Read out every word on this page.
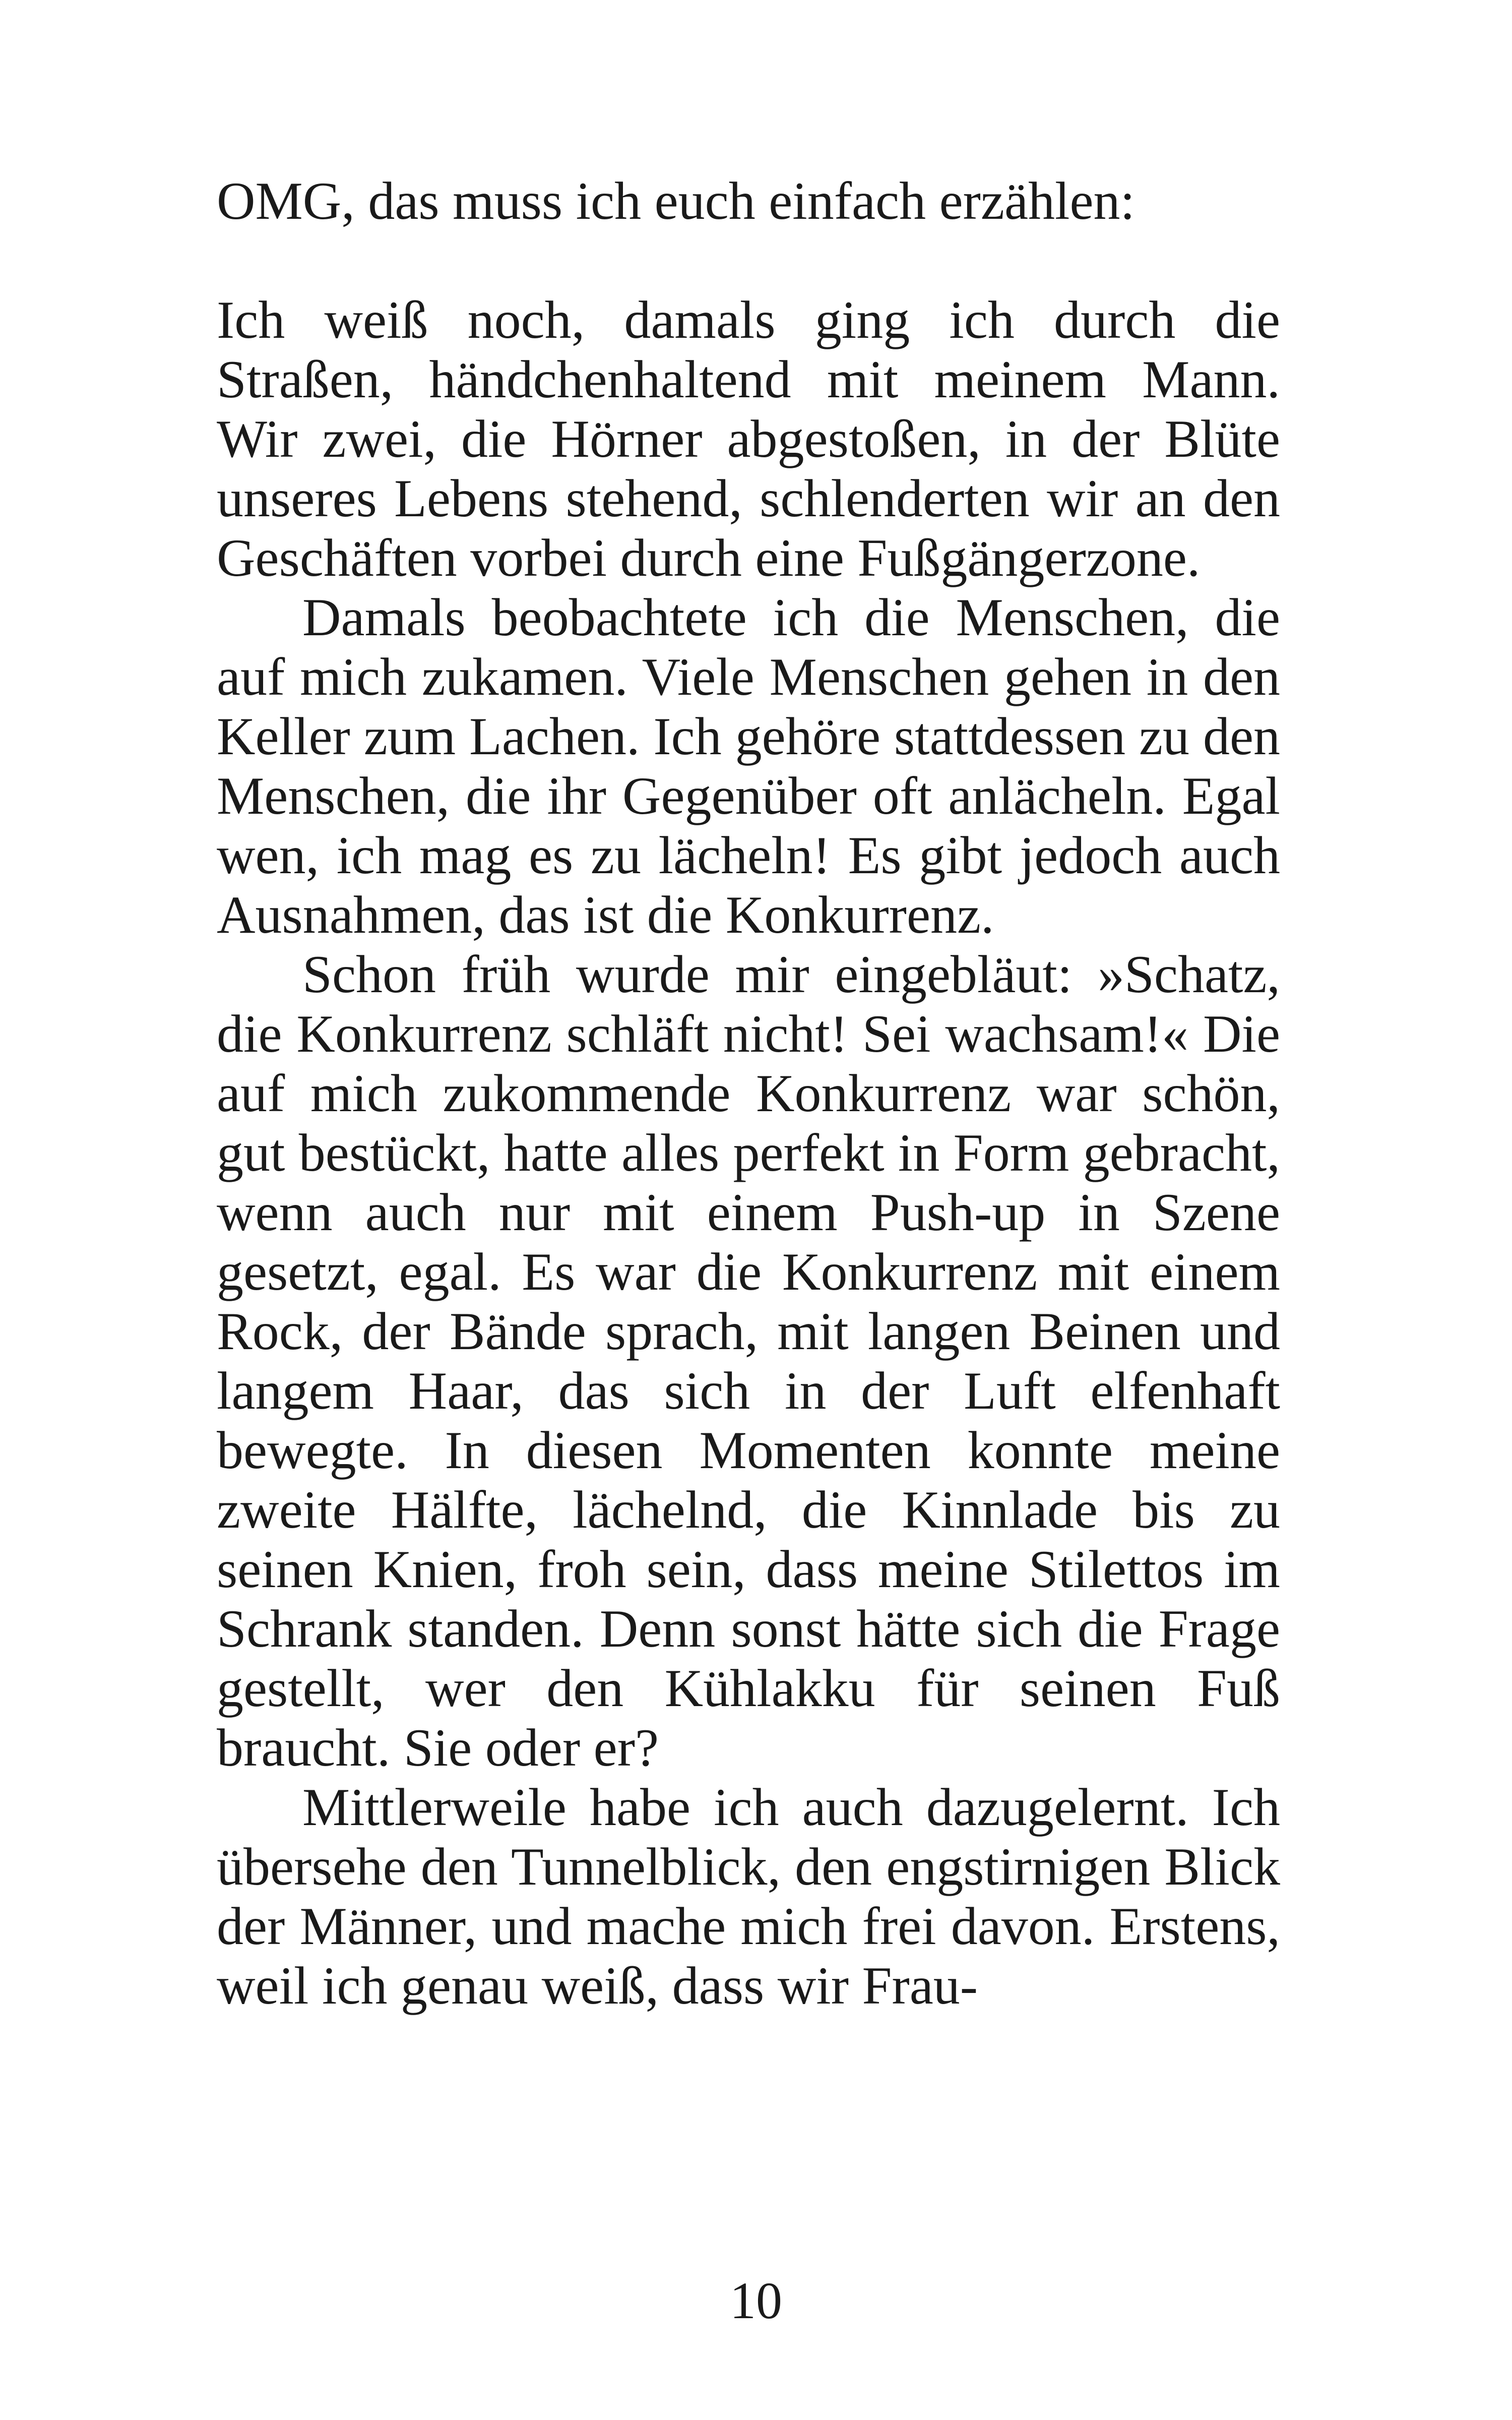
OMG, das muss ich euch einfach erzählen:

Ich weiß noch, damals ging ich durch die Straßen, händchenhaltend mit meinem Mann. Wir zwei, die Hörner abgestoßen, in der Blüte unseres Lebens stehend, schlenderten wir an den Geschäften vorbei durch eine Fußgängerzone.

Damals beobachtete ich die Menschen, die auf mich zukamen. Viele Menschen gehen in den Keller zum Lachen. Ich gehöre stattdessen zu den Menschen, die ihr Gegenüber oft anlächeln. Egal wen, ich mag es zu lächeln! Es gibt jedoch auch Ausnahmen, das ist die Konkurrenz.

Schon früh wurde mir eingebläut: »Schatz, die Konkurrenz schläft nicht! Sei wachsam!« Die auf mich zukommende Konkurrenz war schön, gut bestückt, hatte alles perfekt in Form gebracht, wenn auch nur mit einem Push-up in Szene gesetzt, egal. Es war die Konkurrenz mit einem Rock, der Bände sprach, mit langen Beinen und langem Haar, das sich in der Luft elfenhaft bewegte. In diesen Momenten konnte meine zweite Hälfte, lächelnd, die Kinnlade bis zu seinen Knien, froh sein, dass meine Stilettos im Schrank standen. Denn sonst hätte sich die Frage gestellt, wer den Kühlakku für seinen Fuß braucht. Sie oder er?

Mittlerweile habe ich auch dazugelernt. Ich übersehe den Tunnelblick, den engstirnigen Blick der Männer, und mache mich frei davon. Erstens, weil ich genau weiß, dass wir Frau-

10
